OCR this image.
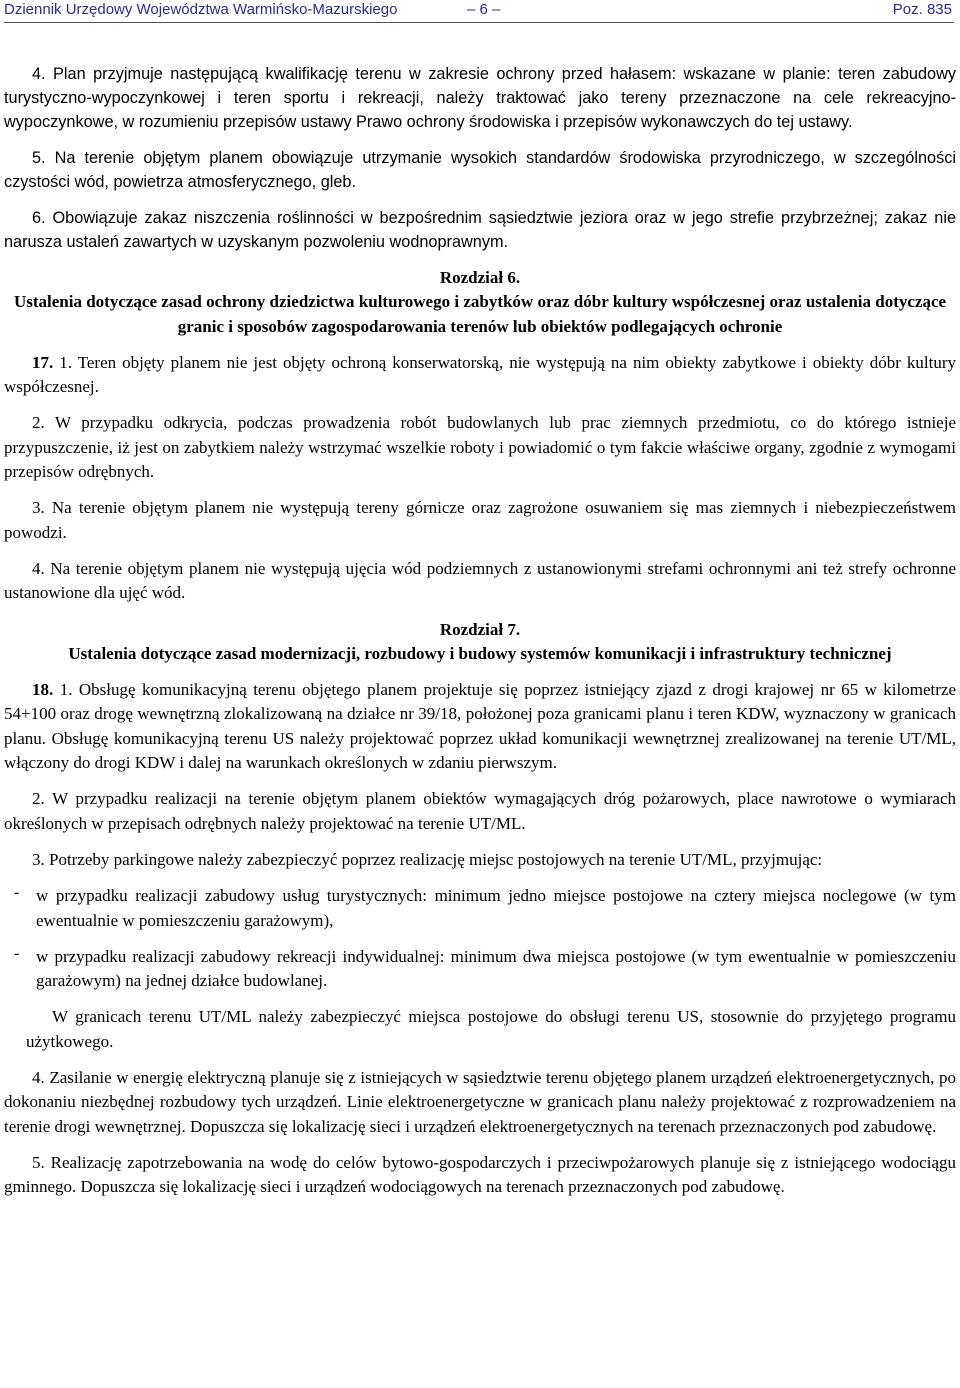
Dziennik Urzędowy Województwa Warmińsko-Mazurskiego	– 6 –	Poz. 835

4. Plan przyjmuje następującą kwalifikację terenu w zakresie ochrony przed hałasem: wskazane w planie: teren zabudowy turystyczno-wypoczynkowej i teren sportu i rekreacji, należy traktować jako tereny przeznaczone na cele rekreacyjno-wypoczynkowe, w rozumieniu przepisów ustawy Prawo ochrony środowiska i przepisów wykonawczych do tej ustawy.

5. Na terenie objętym planem obowiązuje utrzymanie wysokich standardów środowiska przyrodniczego, w szczególności czystości wód, powietrza atmosferycznego, gleb.

6. Obowiązuje zakaz niszczenia roślinności w bezpośrednim sąsiedztwie jeziora oraz w jego strefie przybrzeżnej; zakaz nie narusza ustaleń zawartych w uzyskanym pozwoleniu wodnoprawnym.

Rozdział 6.
Ustalenia dotyczące zasad ochrony dziedzictwa kulturowego i zabytków oraz dóbr kultury współczesnej oraz ustalenia dotyczące granic i sposobów zagospodarowania terenów lub obiektów podlegających ochronie

17. 1. Teren objęty planem nie jest objęty ochroną konserwatorską, nie występują na nim obiekty zabytkowe i obiekty dóbr kultury współczesnej.

2. W przypadku odkrycia, podczas prowadzenia robót budowlanych lub prac ziemnych przedmiotu, co do którego istnieje przypuszczenie, iż jest on zabytkiem należy wstrzymać wszelkie roboty i powiadomić o tym fakcie właściwe organy, zgodnie z wymogami przepisów odrębnych.

3. Na terenie objętym planem nie występują tereny górnicze oraz zagrożone osuwaniem się mas ziemnych i niebezpieczeństwem powodzi.

4. Na terenie objętym planem nie występują ujęcia wód podziemnych z ustanowionymi strefami ochronnymi ani też strefy ochronne ustanowione dla ujęć wód.

Rozdział 7.
Ustalenia dotyczące zasad modernizacji, rozbudowy i budowy systemów komunikacji i infrastruktury technicznej

18. 1. Obsługę komunikacyjną terenu objętego planem projektuje się poprzez istniejący zjazd z drogi krajowej nr 65 w kilometrze 54+100 oraz drogę wewnętrzną zlokalizowaną na działce nr 39/18, położonej poza granicami planu i teren KDW, wyznaczony w granicach planu. Obsługę komunikacyjną terenu US należy projektować poprzez układ komunikacji wewnętrznej zrealizowanej na terenie UT/ML, włączony do drogi KDW i dalej na warunkach określonych w zdaniu pierwszym.

2. W przypadku realizacji na terenie objętym planem obiektów wymagających dróg pożarowych, place nawrotowe o wymiarach określonych w przepisach odrębnych należy projektować na terenie UT/ML.

3. Potrzeby parkingowe należy zabezpieczyć poprzez realizację miejsc postojowych na terenie UT/ML, przyjmując:

- w przypadku realizacji zabudowy usług turystycznych: minimum jedno miejsce postojowe na cztery miejsca noclegowe (w tym ewentualnie w pomieszczeniu garażowym),

- w przypadku realizacji zabudowy rekreacji indywidualnej: minimum dwa miejsca postojowe (w tym ewentualnie w pomieszczeniu garażowym) na jednej działce budowlanej.

W granicach terenu UT/ML należy zabezpieczyć miejsca postojowe do obsługi terenu US, stosownie do przyjętego programu użytkowego.

4. Zasilanie w energię elektryczną planuje się z istniejących w sąsiedztwie terenu objętego planem urządzeń elektroenergetycznych, po dokonaniu niezbędnej rozbudowy tych urządzeń. Linie elektroenergetyczne w granicach planu należy projektować z rozprowadzeniem na terenie drogi wewnętrznej. Dopuszcza się lokalizację sieci i urządzeń elektroenergetycznych na terenach przeznaczonych pod zabudowę.

5. Realizację zapotrzebowania na wodę do celów bytowo-gospodarczych i przeciwpożarowych planuje się z istniejącego wodociągu gminnego. Dopuszcza się lokalizację sieci i urządzeń wodociągowych na terenach przeznaczonych pod zabudowę.
